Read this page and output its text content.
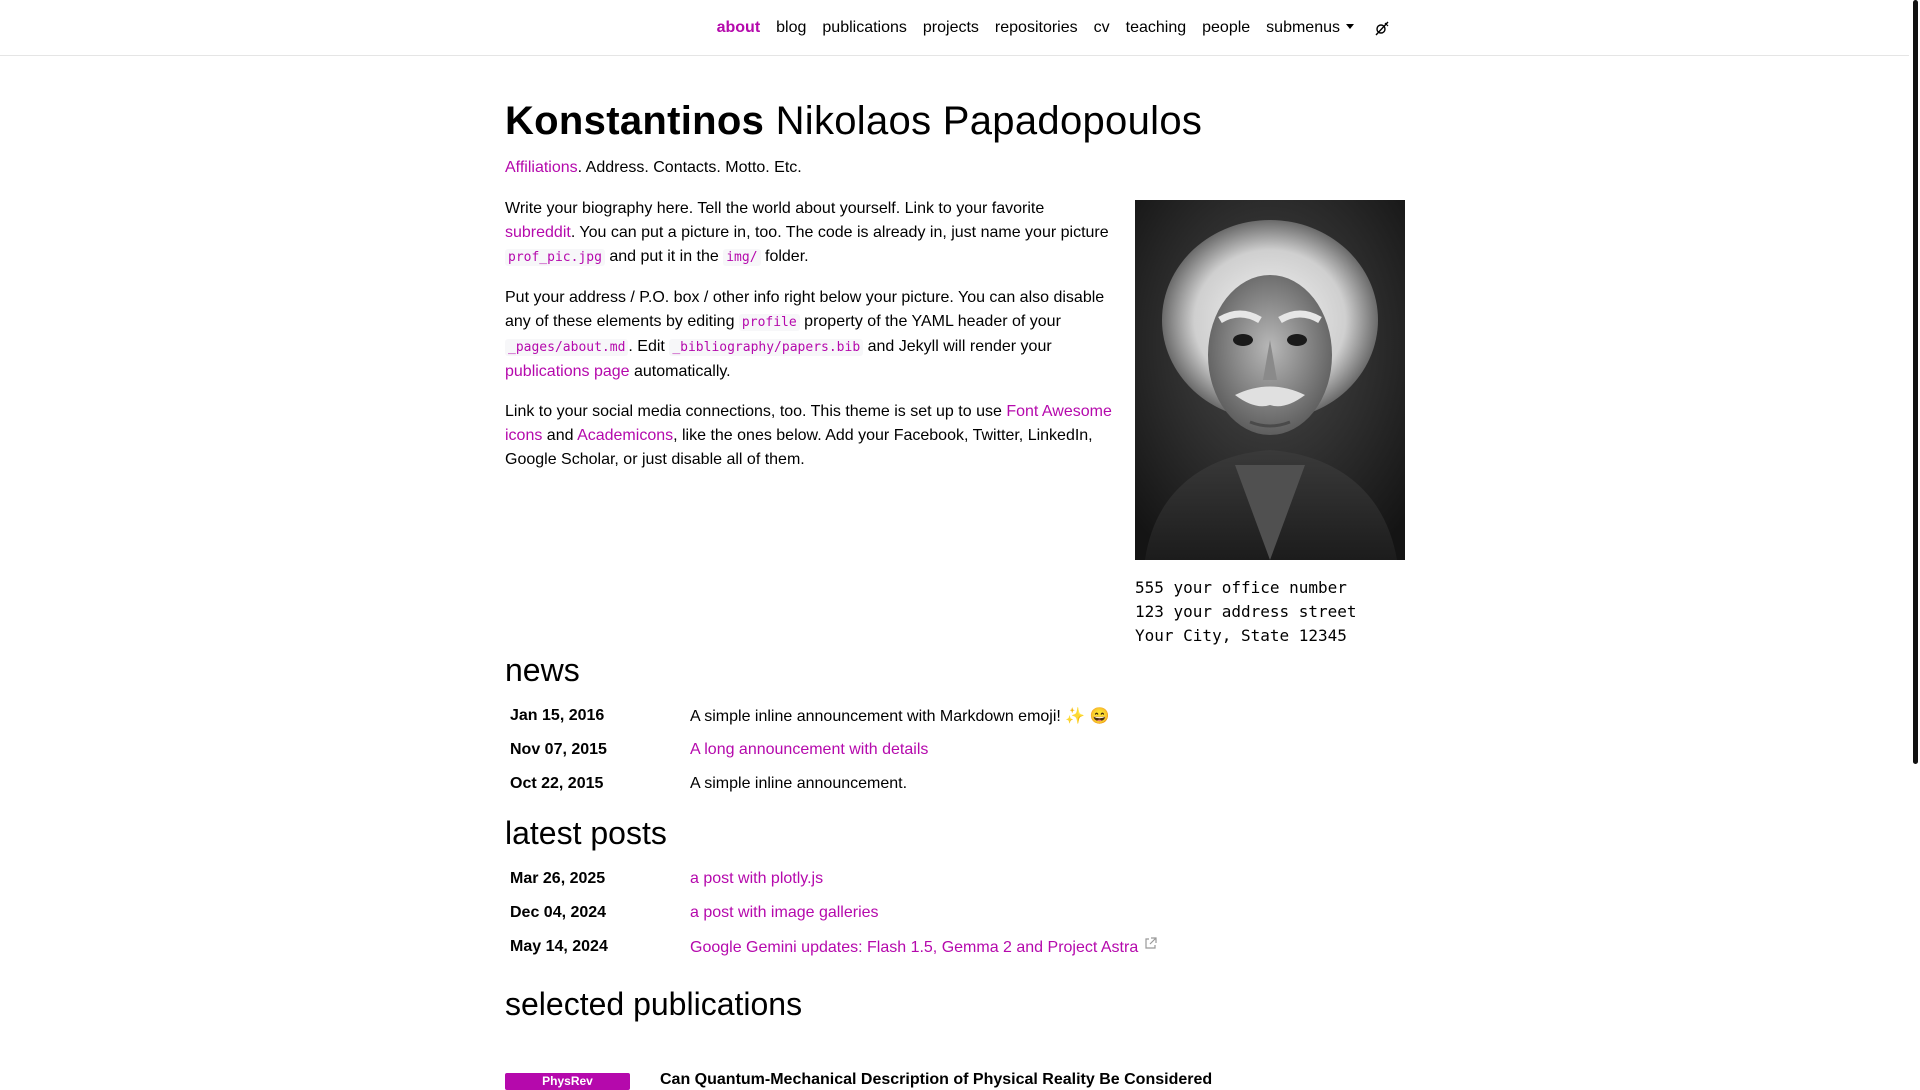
about	blog	publications	projects	repositories	cv	teaching	people	submenus
Konstantinos Nikolaos Papadopoulos

Affiliations. Address. Contacts. Motto. Etc.

555 your office number
123 your address street
Your City, State 12345

Write your biography here. Tell the world about yourself. Link to your favorite subreddit. You can put a picture in, too. The code is already in, just name your picture prof_pic.jpg and put it in the img/ folder.

Put your address / P.O. box / other info right below your picture. You can also disable any of these elements by editing profile property of the YAML header of your _pages/about.md . Edit _bibliography/papers.bib and Jekyll will render your publications page automatically.

Link to your social media connections, too. This theme is set up to use Font Awesome icons and Academicons, like the ones below. Add your Facebook, Twitter, LinkedIn, Google Scholar, or just disable all of them.

news
Jan 15, 2016	A simple inline announcement with Markdown emoji! ✨ 😄
Nov 07, 2015	A long announcement with details
Oct 22, 2015	A simple inline announcement.
latest posts
Mar 26, 2025	a post with plotly.js
Dec 04, 2024	a post with image galleries
May 14, 2024	Google Gemini updates: Flash 1.5, Gemma 2 and Project Astra
selected publications
PhysRev	Can Quantum-Mechanical Description of Physical Reality Be Considered
